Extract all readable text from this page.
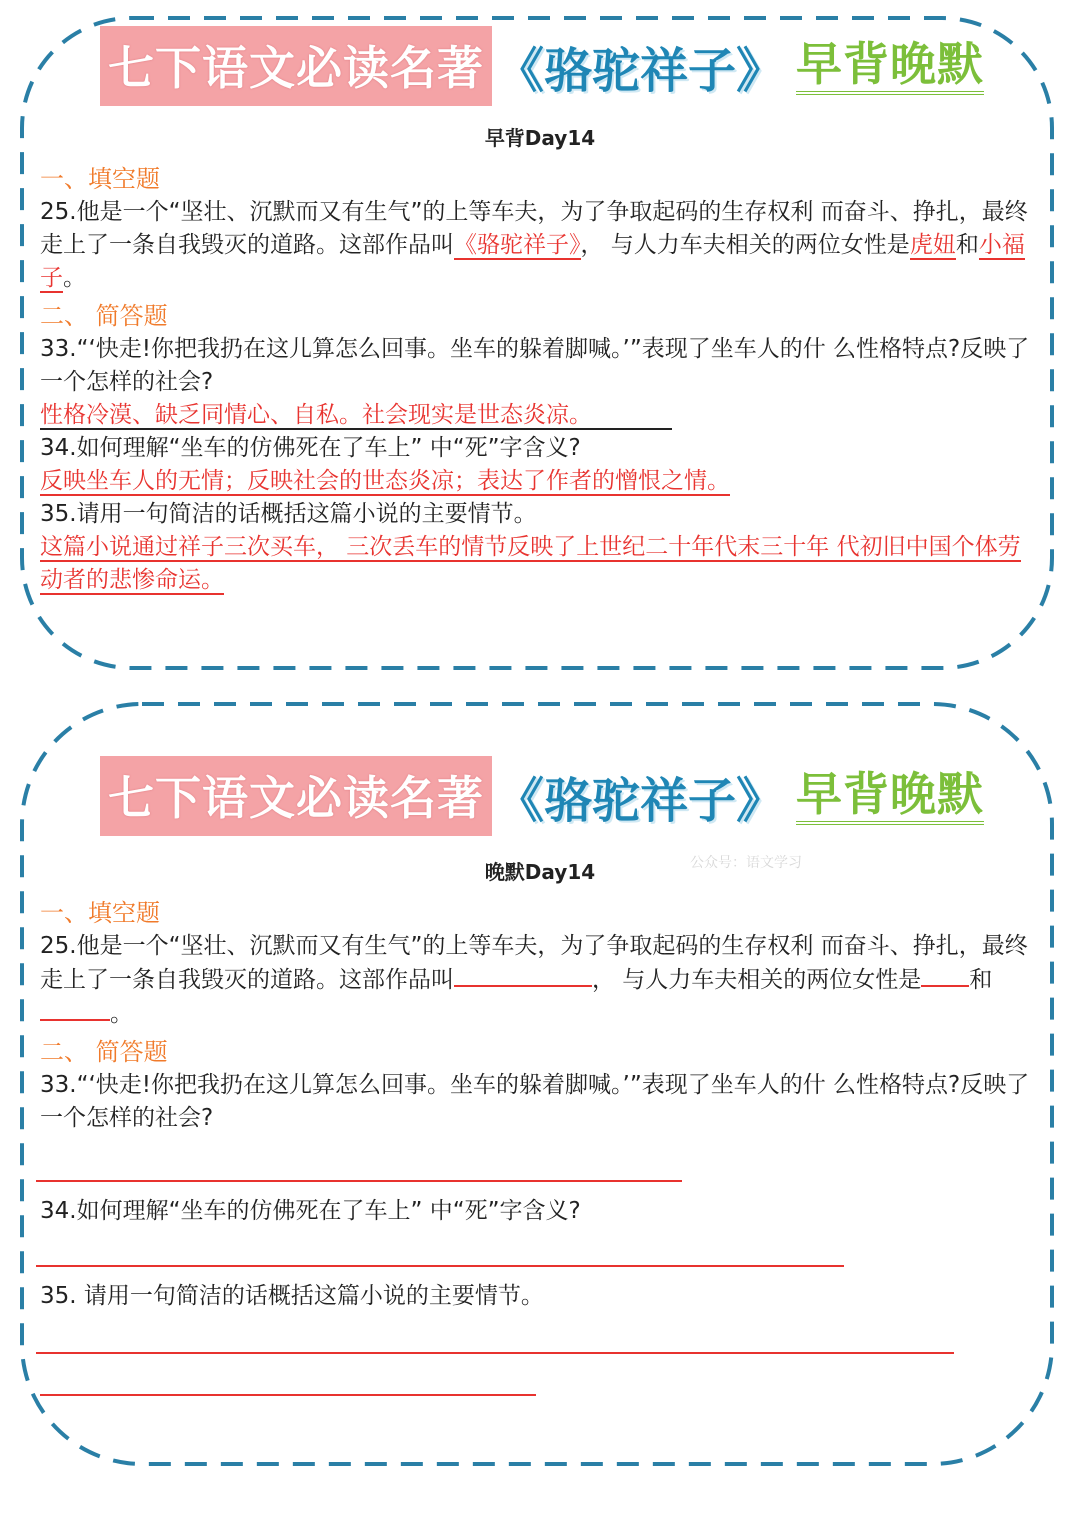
七下语文必读名著 《骆驼祥子》 早背晚默
早背Day14

一、填空题

25.他是一个“坚壮、沉默而又有生气”的上等车夫，为了争取起码的生存权利 而奋斗、挣扎，最终走上了一条自我毁灭的道路。这部作品叫《骆驼祥子》， 与人力车夫相关的两位女性是虎妞和小福子。

二、 简答题

33.“‘快走!你把我扔在这儿算怎么回事。坐车的躲着脚喊。’”表现了坐车人的什 么性格特点?反映了一个怎样的社会?

性格冷漠、缺乏同情心、自私。社会现实是世态炎凉。

34.如何理解“坐车的仿佛死在了车上” 中“死”字含义?

反映坐车人的无情；反映社会的世态炎凉；表达了作者的憎恨之情。

35.请用一句简洁的话概括这篇小说的主要情节。

这篇小说通过祥子三次买车， 三次丢车的情节反映了上世纪二十年代末三十年 代初旧中国个体劳动者的悲惨命运。

七下语文必读名著 《骆驼祥子》 早背晚默
晚默Day14	公众号：语文学习

一、填空题

25.他是一个“坚壮、沉默而又有生气”的上等车夫，为了争取起码的生存权利 而奋斗、挣扎，最终走上了一条自我毁灭的道路。这部作品叫	， 与人力车夫相关的两位女性是 和。

二、 简答题

33.“‘快走!你把我扔在这儿算怎么回事。坐车的躲着脚喊。’”表现了坐车人的什 么性格特点?反映了一个怎样的社会?

34.如何理解“坐车的仿佛死在了车上” 中“死”字含义?

35. 请用一句简洁的话概括这篇小说的主要情节。
